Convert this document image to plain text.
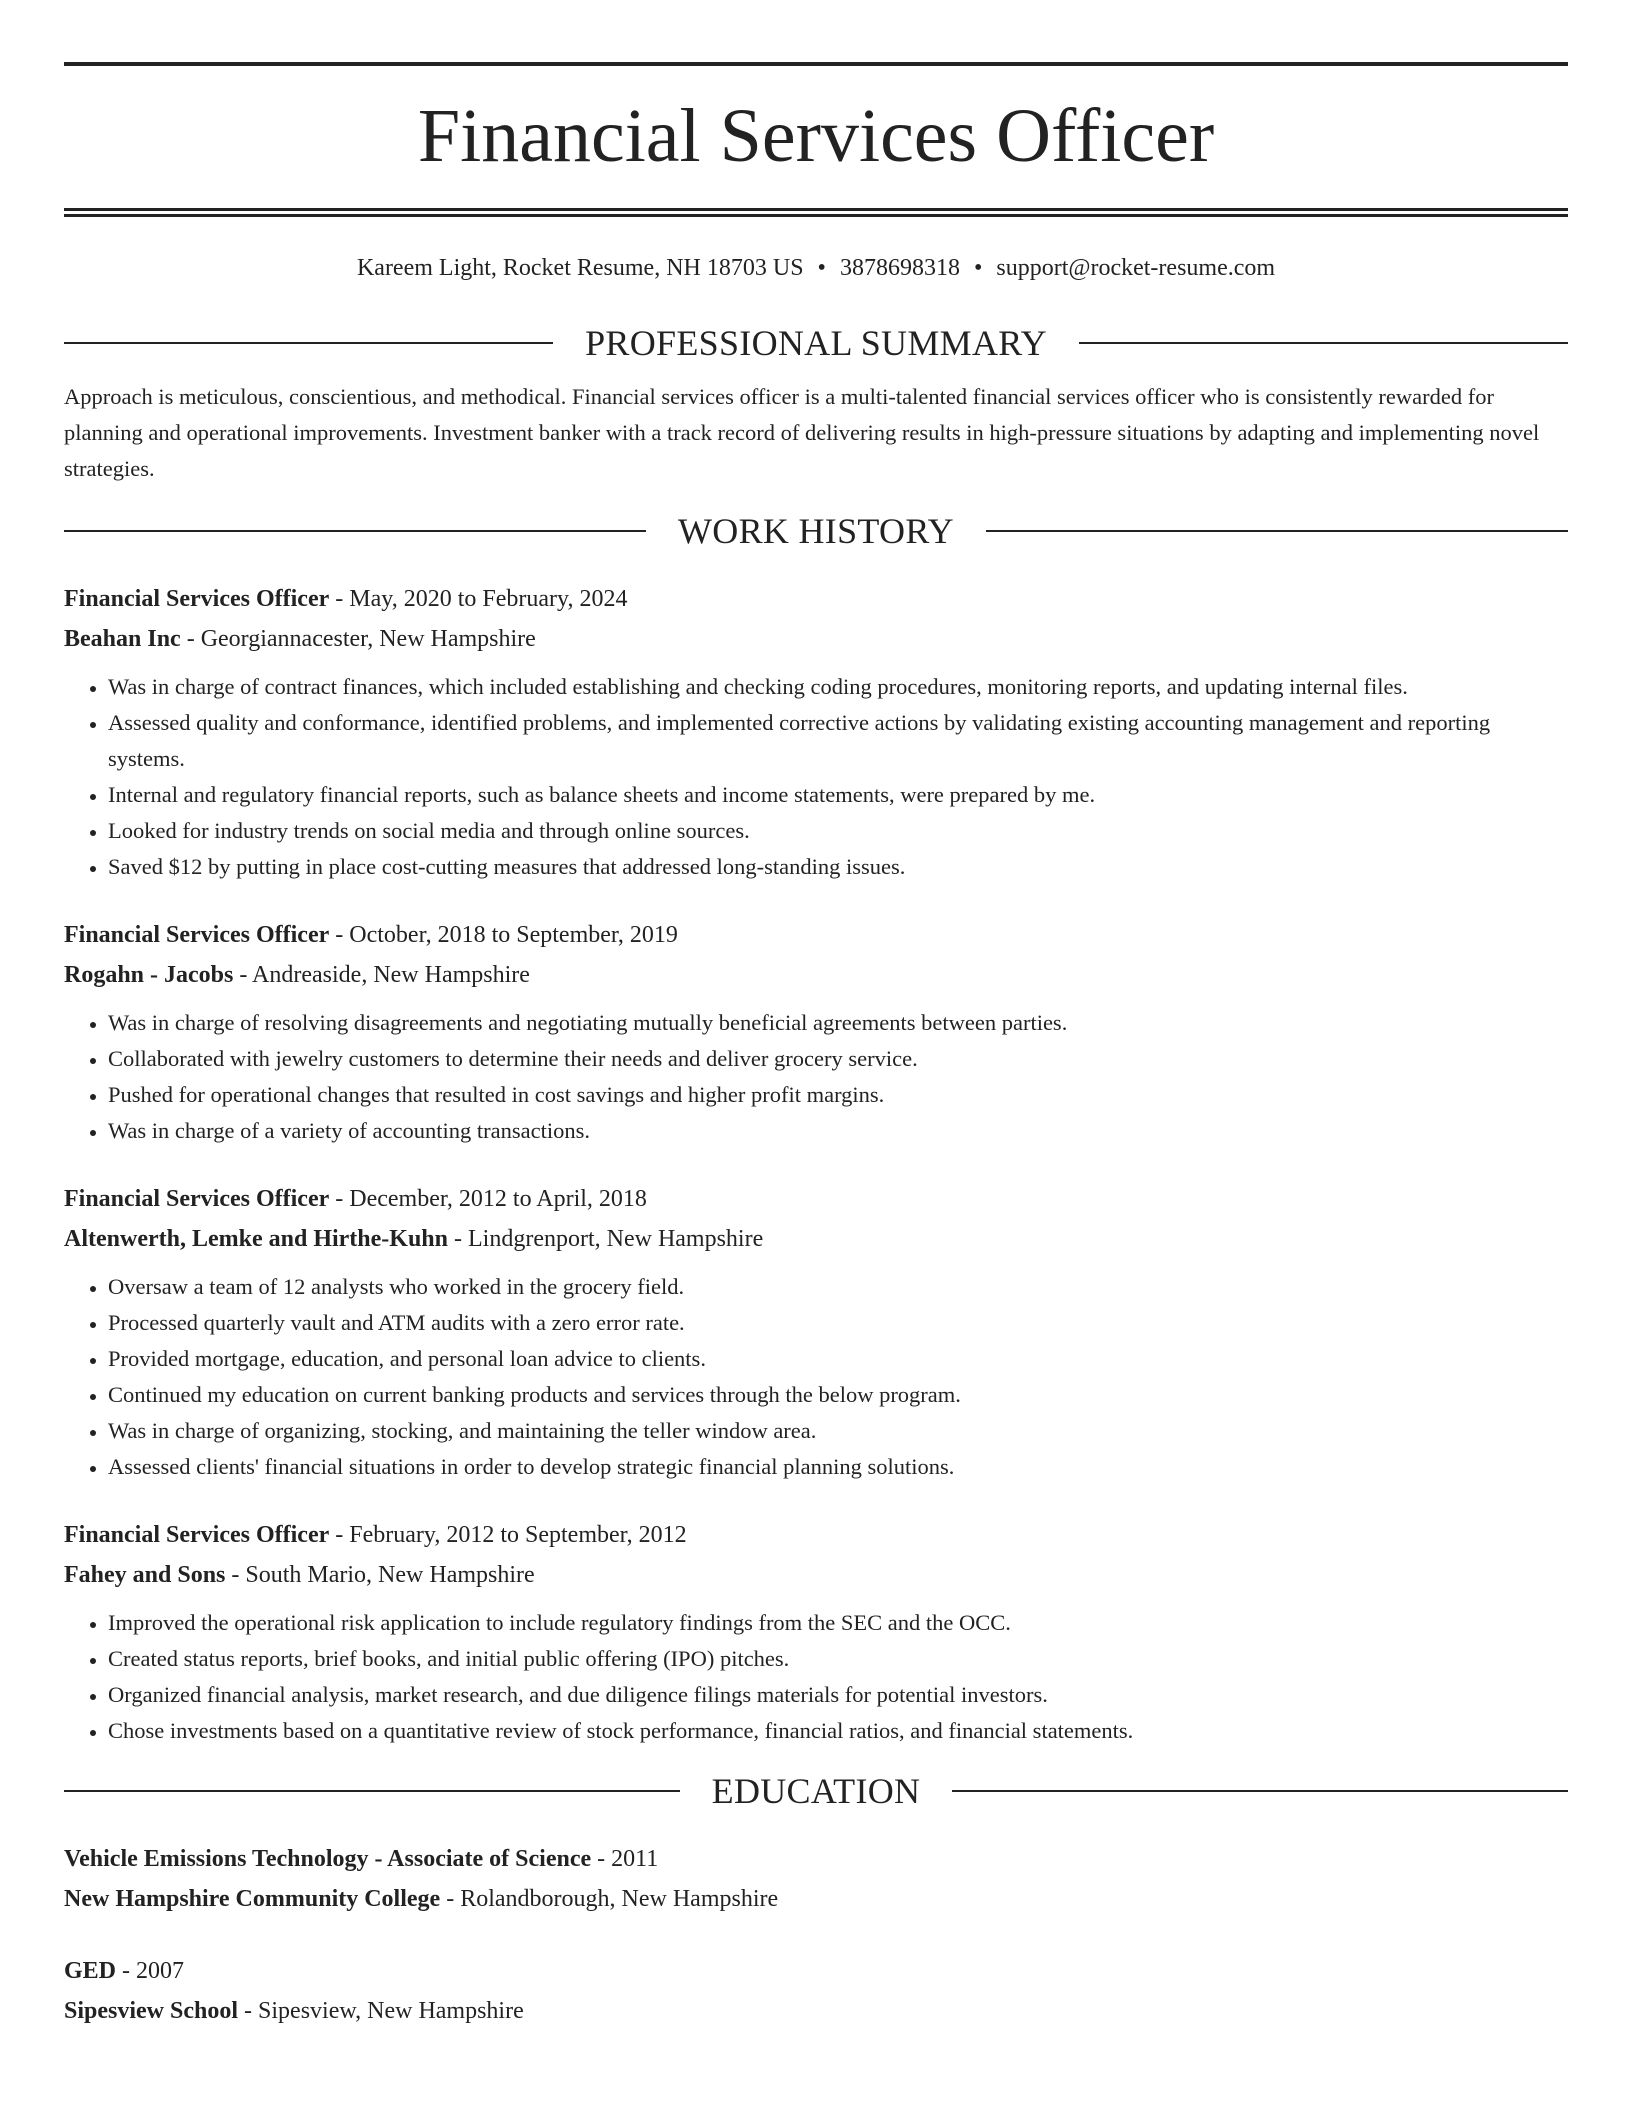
Financial Services Officer
Kareem Light, Rocket Resume, NH 18703 US • 3878698318 • support@rocket-resume.com
PROFESSIONAL SUMMARY
Approach is meticulous, conscientious, and methodical. Financial services officer is a multi-talented financial services officer who is consistently rewarded for planning and operational improvements. Investment banker with a track record of delivering results in high-pressure situations by adapting and implementing novel strategies.
WORK HISTORY
Financial Services Officer - May, 2020 to February, 2024
Beahan Inc - Georgiannacester, New Hampshire
• Was in charge of contract finances, which included establishing and checking coding procedures, monitoring reports, and updating internal files.
• Assessed quality and conformance, identified problems, and implemented corrective actions by validating existing accounting management and reporting systems.
• Internal and regulatory financial reports, such as balance sheets and income statements, were prepared by me.
• Looked for industry trends on social media and through online sources.
• Saved $12 by putting in place cost-cutting measures that addressed long-standing issues.
Financial Services Officer - October, 2018 to September, 2019
Rogahn - Jacobs - Andreaside, New Hampshire
• Was in charge of resolving disagreements and negotiating mutually beneficial agreements between parties.
• Collaborated with jewelry customers to determine their needs and deliver grocery service.
• Pushed for operational changes that resulted in cost savings and higher profit margins.
• Was in charge of a variety of accounting transactions.
Financial Services Officer - December, 2012 to April, 2018
Altenwerth, Lemke and Hirthe-Kuhn - Lindgrenport, New Hampshire
• Oversaw a team of 12 analysts who worked in the grocery field.
• Processed quarterly vault and ATM audits with a zero error rate.
• Provided mortgage, education, and personal loan advice to clients.
• Continued my education on current banking products and services through the below program.
• Was in charge of organizing, stocking, and maintaining the teller window area.
• Assessed clients' financial situations in order to develop strategic financial planning solutions.
Financial Services Officer - February, 2012 to September, 2012
Fahey and Sons - South Mario, New Hampshire
• Improved the operational risk application to include regulatory findings from the SEC and the OCC.
• Created status reports, brief books, and initial public offering (IPO) pitches.
• Organized financial analysis, market research, and due diligence filings materials for potential investors.
• Chose investments based on a quantitative review of stock performance, financial ratios, and financial statements.
EDUCATION
Vehicle Emissions Technology - Associate of Science - 2011
New Hampshire Community College - Rolandborough, New Hampshire
GED - 2007
Sipesview School - Sipesview, New Hampshire
